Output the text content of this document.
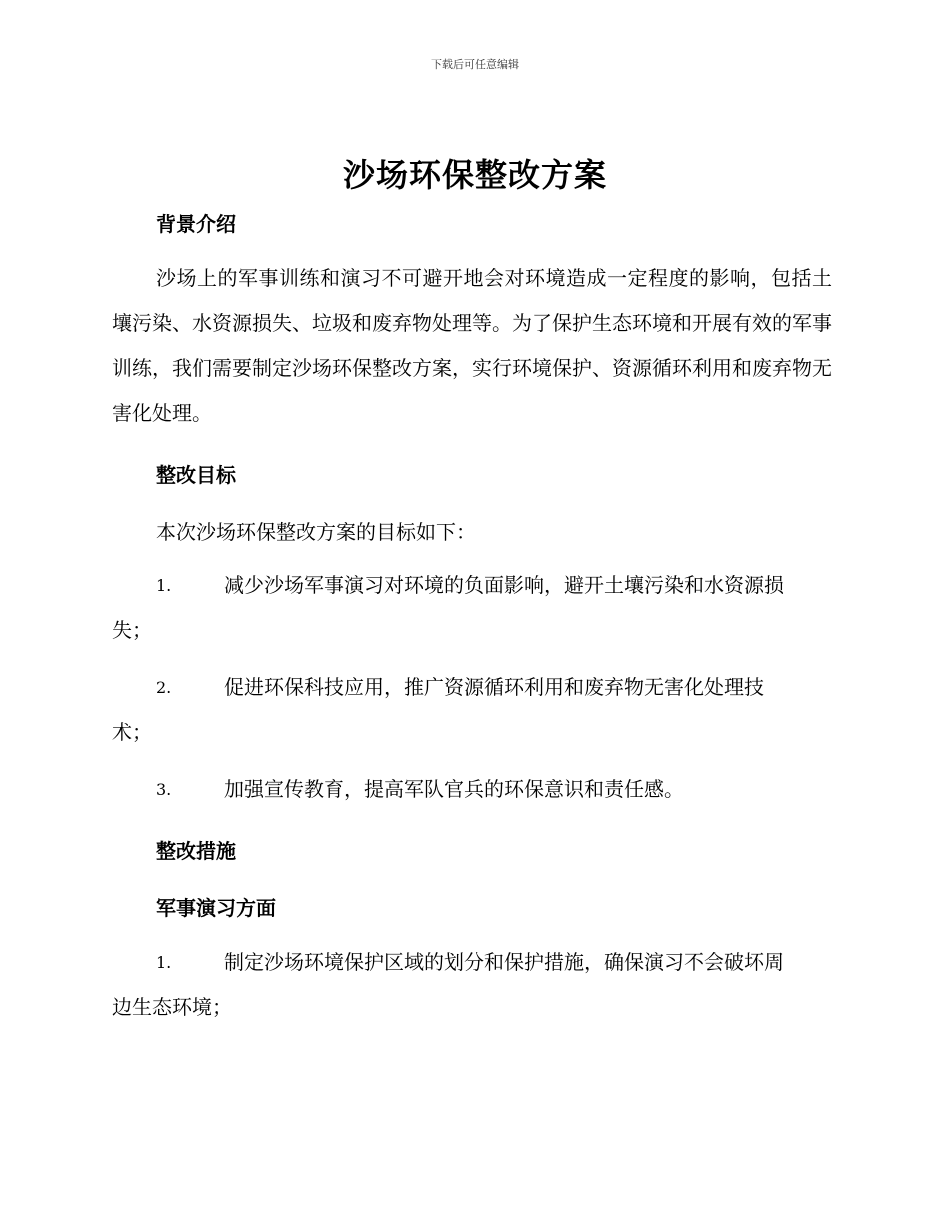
下载后可任意编辑
沙场环保整改方案
背景介绍
沙场上的军事训练和演习不可避开地会对环境造成一定程度的影响，包括土壤污染、水资源损失、垃圾和废弃物处理等。为了保护生态环境和开展有效的军事训练，我们需要制定沙场环保整改方案，实行环境保护、资源循环利用和废弃物无害化处理。
整改目标
本次沙场环保整改方案的目标如下：
1.	减少沙场军事演习对环境的负面影响，避开土壤污染和水资源损
失；
2.	促进环保科技应用，推广资源循环利用和废弃物无害化处理技
术；
3.	加强宣传教育，提高军队官兵的环保意识和责任感。
整改措施
军事演习方面
1.	制定沙场环境保护区域的划分和保护措施，确保演习不会破坏周
边生态环境；
